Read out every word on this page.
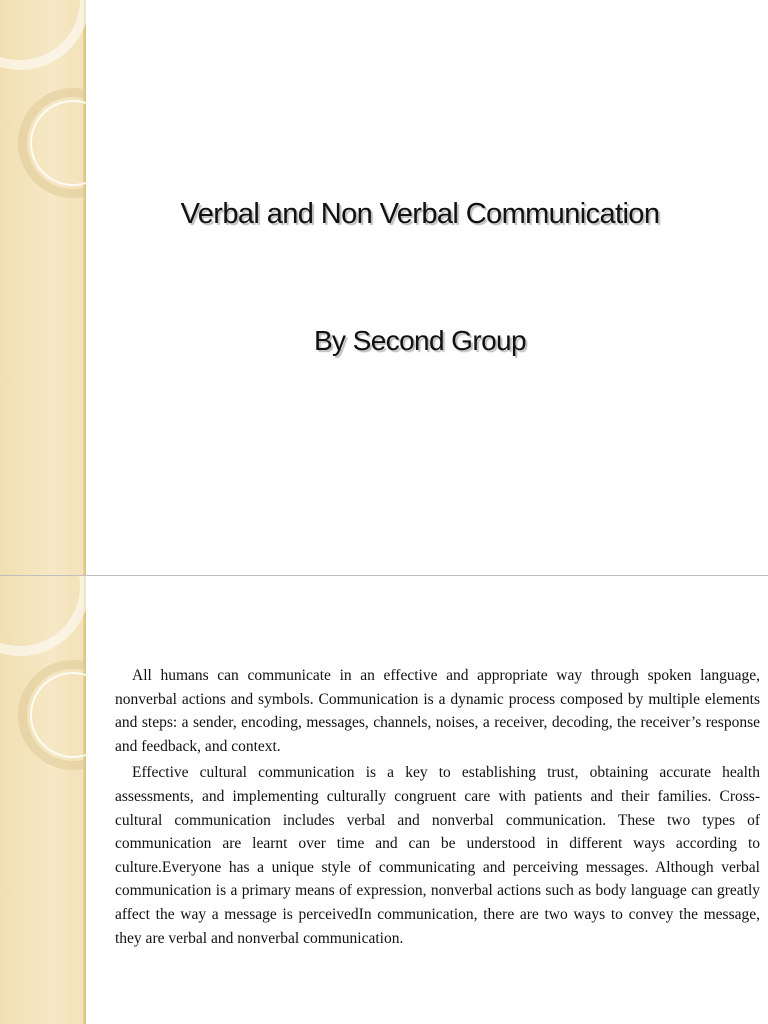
Verbal and Non Verbal Communication
By Second Group

All humans can communicate in an effective and appropriate way through spoken language, nonverbal actions and symbols. Communication is a dynamic process composed by multiple elements and steps: a sender, encoding, messages, channels, noises, a receiver, decoding, the receiver’s response and feedback, and context.

Effective cultural communication is a key to establishing trust, obtaining accurate health assessments, and implementing culturally congruent care with patients and their families. Cross-cultural communication includes verbal and nonverbal communication. These two types of communication are learnt over time and can be understood in different ways according to culture.Everyone has a unique style of communicating and perceiving messages. Although verbal communication is a primary means of expression, nonverbal actions such as body language can greatly affect the way a message is perceivedIn communication, there are two ways to convey the message, they are verbal and nonverbal communication.
